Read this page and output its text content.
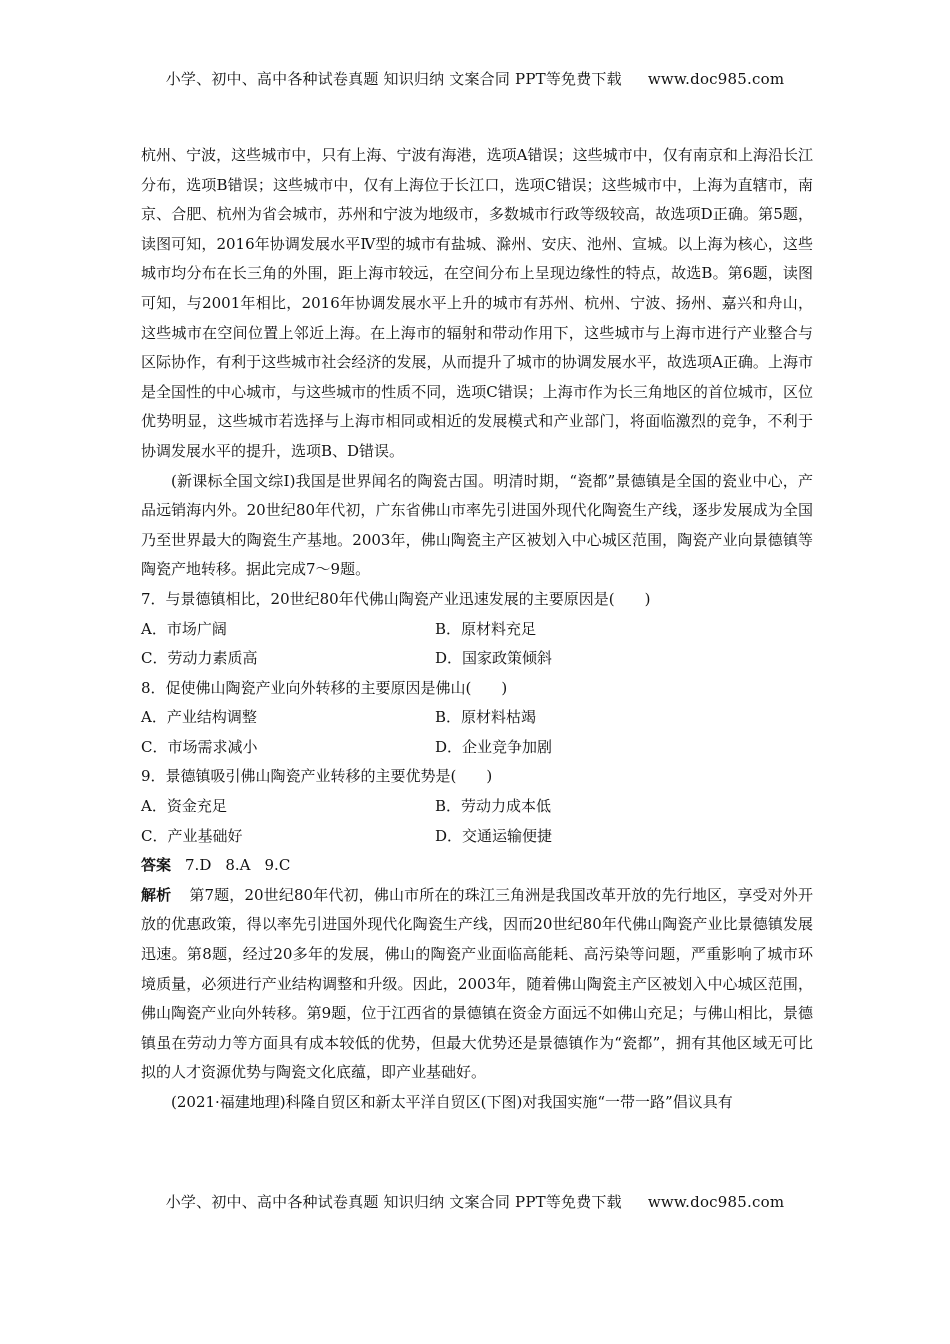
小学、初中、高中各种试卷真题 知识归纳 文案合同 PPT等免费下载 www.doc985.com

杭州、宁波，这些城市中，只有上海、宁波有海港，选项A错误；这些城市中，仅有南京和上海沿长江分布，选项B错误；这些城市中，仅有上海位于长江口，选项C错误；这些城市中，上海为直辖市，南京、合肥、杭州为省会城市，苏州和宁波为地级市，多数城市行政等级较高，故选项D正确。第5题，读图可知，2016年协调发展水平Ⅳ型的城市有盐城、滁州、安庆、池州、宣城。以上海为核心，这些城市均分布在长三角的外围，距上海市较远，在空间分布上呈现边缘性的特点，故选B。第6题，读图可知，与2001年相比，2016年协调发展水平上升的城市有苏州、杭州、宁波、扬州、嘉兴和舟山，这些城市在空间位置上邻近上海。在上海市的辐射和带动作用下，这些城市与上海市进行产业整合与区际协作，有利于这些城市社会经济的发展，从而提升了城市的协调发展水平，故选项A正确。上海市是全国性的中心城市，与这些城市的性质不同，选项C错误；上海市作为长三角地区的首位城市，区位优势明显，这些城市若选择与上海市相同或相近的发展模式和产业部门，将面临激烈的竞争，不利于协调发展水平的提升，选项B、D错误。

(新课标全国文综Ⅰ)我国是世界闻名的陶瓷古国。明清时期，“瓷都”景德镇是全国的瓷业中心，产品远销海内外。20世纪80年代初，广东省佛山市率先引进国外现代化陶瓷生产线，逐步发展成为全国乃至世界最大的陶瓷生产基地。2003年，佛山陶瓷主产区被划入中心城区范围，陶瓷产业向景德镇等陶瓷产地转移。据此完成7～9题。

7．与景德镇相比，20世纪80年代佛山陶瓷产业迅速发展的主要原因是(　　)

A．市场广阔	B．原材料充足
C．劳动力素质高	D．国家政策倾斜

8．促使佛山陶瓷产业向外转移的主要原因是佛山(　　)

A．产业结构调整	B．原材料枯竭
C．市场需求减小	D．企业竞争加剧

9．景德镇吸引佛山陶瓷产业转移的主要优势是(　　)

A．资金充足	B．劳动力成本低
C．产业基础好	D．交通运输便捷

答案 7.D 8.A 9.C

解析 第7题，20世纪80年代初，佛山市所在的珠江三角洲是我国改革开放的先行地区，享受对外开放的优惠政策，得以率先引进国外现代化陶瓷生产线，因而20世纪80年代佛山陶瓷产业比景德镇发展迅速。第8题，经过20多年的发展，佛山的陶瓷产业面临高能耗、高污染等问题，严重影响了城市环境质量，必须进行产业结构调整和升级。因此，2003年，随着佛山陶瓷主产区被划入中心城区范围，佛山陶瓷产业向外转移。第9题，位于江西省的景德镇在资金方面远不如佛山充足；与佛山相比，景德镇虽在劳动力等方面具有成本较低的优势，但最大优势还是景德镇作为“瓷都”，拥有其他区域无可比拟的人才资源优势与陶瓷文化底蕴，即产业基础好。

(2021·福建地理)科隆自贸区和新太平洋自贸区(下图)对我国实施“一带一路”倡议具有

小学、初中、高中各种试卷真题 知识归纳 文案合同 PPT等免费下载 www.doc985.com
